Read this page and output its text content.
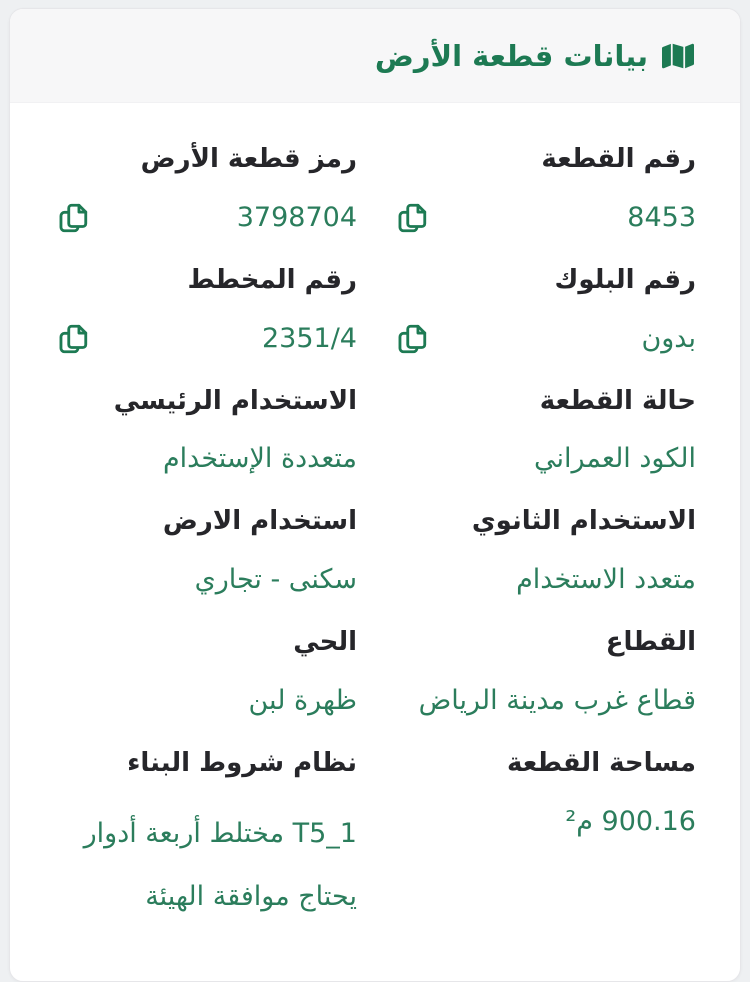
بيانات قطعة الأرض
رقم القطعة
8453
رمز قطعة الأرض
3798704
رقم البلوك
بدون
رقم المخطط
2351/4
حالة القطعة
الكود العمراني
الاستخدام الرئيسي
متعددة الإستخدام
الاستخدام الثانوي
متعدد الاستخدام
استخدام الارض
سكنى - تجاري
القطاع
قطاع غرب مدينة الرياض
الحي
ظهرة لبن
مساحة القطعة
900.16 م²
نظام شروط البناء
T5_1 مختلط أربعة أدوار يحتاج موافقة الهيئة
